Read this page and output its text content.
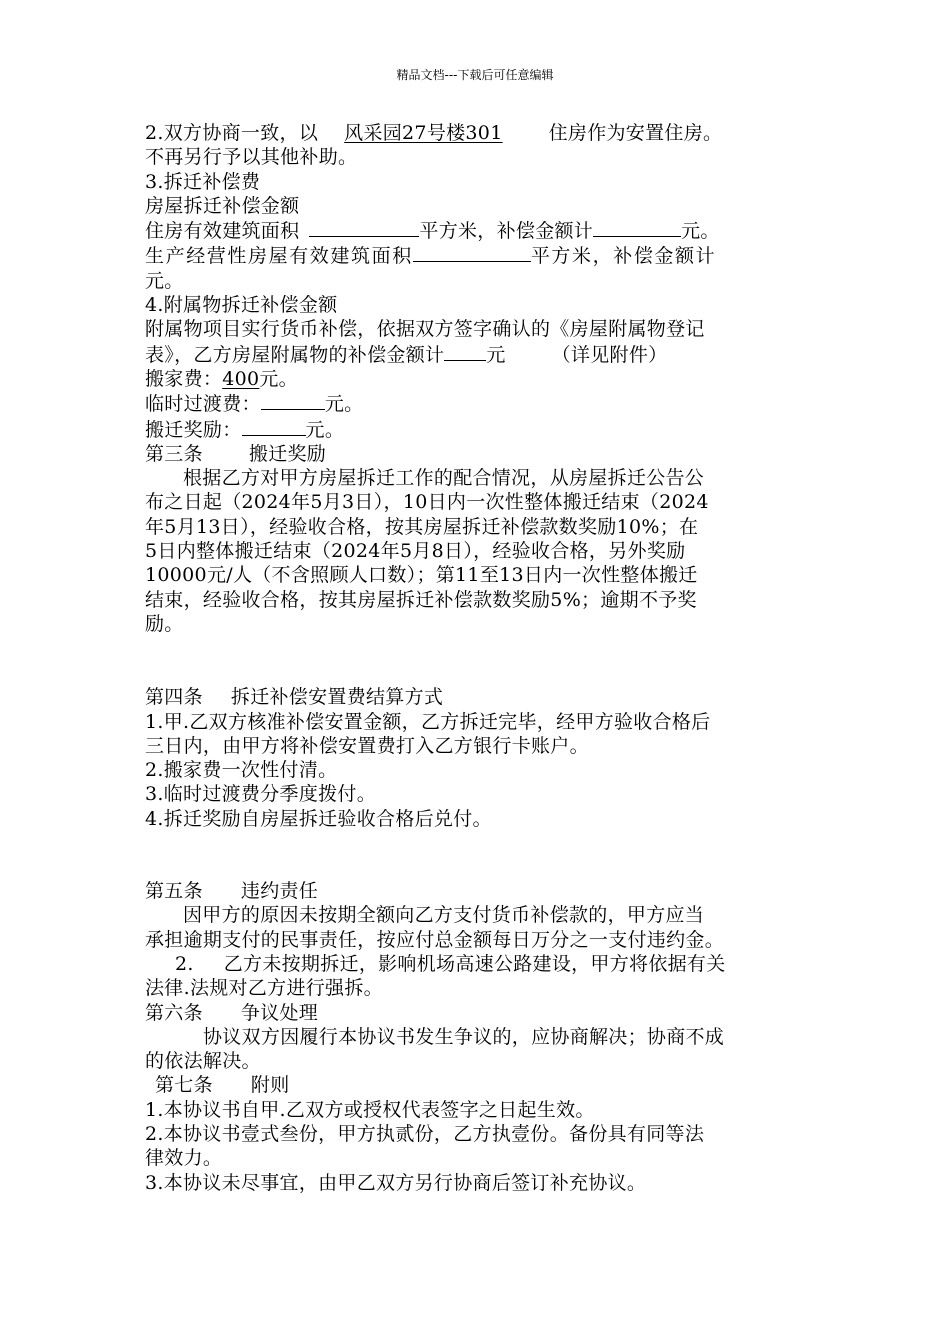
精品文档---下载后可任意编辑
2.双方协商一致，以 风采园27号楼301 住房作为安置住房。
不再另行予以其他补助。
3.拆迁补偿费
房屋拆迁补偿金额
住房有效建筑面积	平方米，补偿金额计	元。
生产经营性房屋有效建筑面积	平方米，补偿金额计
元。
4.附属物拆迁补偿金额
附属物项目实行货币补偿，依据双方签字确认的《房屋附属物登记
表》，乙方房屋附属物的补偿金额计 元 （详见附件）
搬家费：400元。
临时过渡费：	元。
搬迁奖励：	元。
第三条 搬迁奖励
根据乙方对甲方房屋拆迁工作的配合情况，从房屋拆迁公告公
布之日起（2024年5月3日），10日内一次性整体搬迁结束（2024
年5月13日），经验收合格，按其房屋拆迁补偿款数奖励10%；在
5日内整体搬迁结束（2024年5月8日），经验收合格，另外奖励
10000元/人（不含照顾人口数）；第11至13日内一次性整体搬迁
结束，经验收合格，按其房屋拆迁补偿款数奖励5%；逾期不予奖
励。
第四条 拆迁补偿安置费结算方式
1.甲.乙双方核准补偿安置金额，乙方拆迁完毕，经甲方验收合格后
三日内，由甲方将补偿安置费打入乙方银行卡账户。
2.搬家费一次性付清。
3.临时过渡费分季度拨付。
4.拆迁奖励自房屋拆迁验收合格后兑付。
第五条 违约责任
因甲方的原因未按期全额向乙方支付货币补偿款的，甲方应当
承担逾期支付的民事责任，按应付总金额每日万分之一支付违约金。
2. 乙方未按期拆迁，影响机场高速公路建设，甲方将依据有关
法律.法规对乙方进行强拆。
第六条 争议处理
协议双方因履行本协议书发生争议的，应协商解决；协商不成
的依法解决。
第七条 附则
1.本协议书自甲.乙双方或授权代表签字之日起生效。
2.本协议书壹式叁份，甲方执贰份，乙方执壹份。备份具有同等法
律效力。
3.本协议未尽事宜，由甲乙双方另行协商后签订补充协议。
